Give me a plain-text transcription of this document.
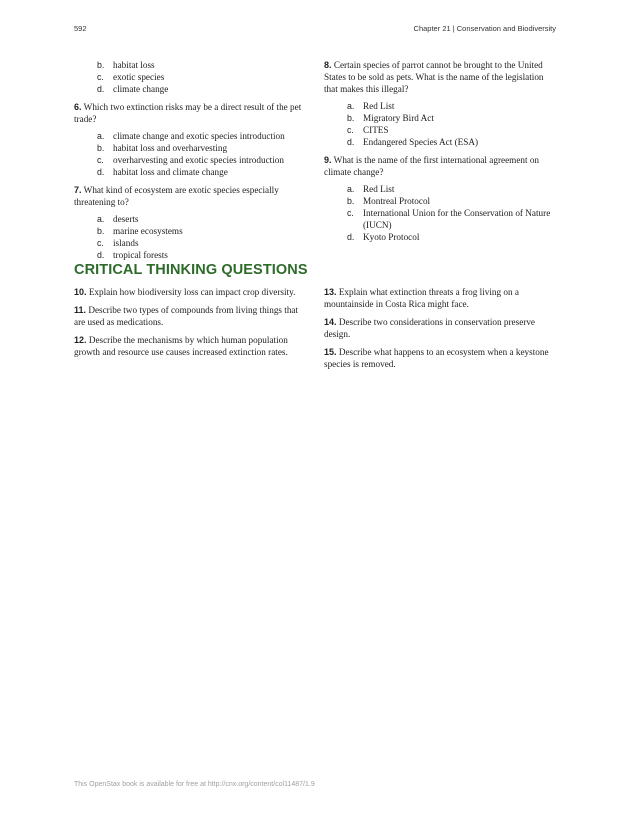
592	Chapter 21 | Conservation and Biodiversity
b. habitat loss
c. exotic species
d. climate change

6. Which two extinction risks may be a direct result of the pet trade?

a. climate change and exotic species introduction
b. habitat loss and overharvesting
c. overharvesting and exotic species introduction
d. habitat loss and climate change

7. What kind of ecosystem are exotic species especially threatening to?

a. deserts
b. marine ecosystems
c. islands
d. tropical forests

8. Certain species of parrot cannot be brought to the United States to be sold as pets. What is the name of the legislation that makes this illegal?

a. Red List
b. Migratory Bird Act
c. CITES
d. Endangered Species Act (ESA)

9. What is the name of the first international agreement on climate change?

a. Red List
b. Montreal Protocol
c. International Union for the Conservation of Nature (IUCN)
d. Kyoto Protocol
CRITICAL THINKING QUESTIONS

10. Explain how biodiversity loss can impact crop diversity.

11. Describe two types of compounds from living things that are used as medications.

12. Describe the mechanisms by which human population growth and resource use causes increased extinction rates.

13. Explain what extinction threats a frog living on a mountainside in Costa Rica might face.

14. Describe two considerations in conservation preserve design.

15. Describe what happens to an ecosystem when a keystone species is removed.

This OpenStax book is available for free at http://cnx.org/content/col11487/1.9
